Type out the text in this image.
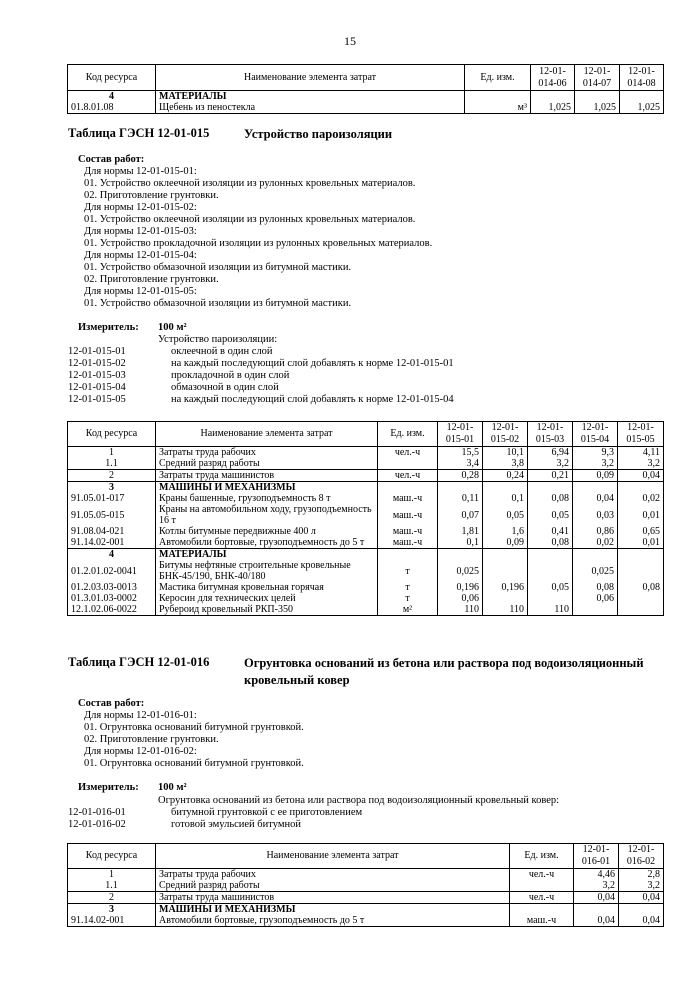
15
Код ресурса	Наименование элемента затрат	Ед. изм.	12-01-014-06	12-01-014-07	12-01-014-08
4	МАТЕРИАЛЫ				
01.8.01.08	Щебень из пеностекла	м³	1,025	1,025	1,025
Таблица ГЭСН 12-01-015	Устройство пароизоляции
Состав работ:
Для нормы 12-01-015-01:
01. Устройство оклеечной изоляции из рулонных кровельных материалов.
02. Приготовление грунтовки.
Для нормы 12-01-015-02:
01. Устройство оклеечной изоляции из рулонных кровельных материалов.
Для нормы 12-01-015-03:
01. Устройство прокладочной изоляции из рулонных кровельных материалов.
Для нормы 12-01-015-04:
01. Устройство обмазочной изоляции из битумной мастики.
02. Приготовление грунтовки.
Для нормы 12-01-015-05:
01. Устройство обмазочной изоляции из битумной мастики.
Измеритель: 100 м²
Устройство пароизоляции:
12-01-015-01	оклеечной в один слой
12-01-015-02	на каждый последующий слой добавлять к норме 12-01-015-01
12-01-015-03	прокладочной в один слой
12-01-015-04	обмазочной в один слой
12-01-015-05	на каждый последующий слой добавлять к норме 12-01-015-04
Код ресурса	Наименование элемента затрат	Ед. изм.	12-01-015-01	12-01-015-02	12-01-015-03	12-01-015-04	12-01-015-05
1	Затраты труда рабочих	чел.-ч	15,5	10,1	6,94	9,3	4,11
1.1	Средний разряд работы		3,4	3,8	3,2	3,2	3,2
2	Затраты труда машинистов	чел.-ч	0,28	0,24	0,21	0,09	0,04
3	МАШИНЫ И МЕХАНИЗМЫ						
91.05.01-017	Краны башенные, грузоподъемность 8 т	маш.-ч	0,11	0,1	0,08	0,04	0,02
91.05.05-015	Краны на автомобильном ходу, грузоподъемность 16 т	маш.-ч	0,07	0,05	0,05	0,03	0,01
91.08.04-021	Котлы битумные передвижные 400 л	маш.-ч	1,81	1,6	0,41	0,86	0,65
91.14.02-001	Автомобили бортовые, грузоподъемность до 5 т	маш.-ч	0,1	0,09	0,08	0,02	0,01
4	МАТЕРИАЛЫ						
01.2.01.02-0041	Битумы нефтяные строительные кровельные БНК-45/190, БНК-40/180	т	0,025			0,025	
01.2.03.03-0013	Мастика битумная кровельная горячая	т	0,196	0,196	0,05	0,08	0,08
01.3.01.03-0002	Керосин для технических целей	т	0,06			0,06	
12.1.02.06-0022	Рубероид кровельный РКП-350	м²	110	110	110		
Таблица ГЭСН 12-01-016	Огрунтовка оснований из бетона или раствора под водоизоляционный кровельный ковер
Состав работ:
Для нормы 12-01-016-01:
01. Огрунтовка оснований битумной грунтовкой.
02. Приготовление грунтовки.
Для нормы 12-01-016-02:
01. Огрунтовка оснований битумной грунтовкой.
Измеритель: 100 м²
Огрунтовка оснований из бетона или раствора под водоизоляционный кровельный ковер:
12-01-016-01	битумной грунтовкой с ее приготовлением
12-01-016-02	готовой эмульсией битумной
Код ресурса	Наименование элемента затрат	Ед. изм.	12-01-016-01	12-01-016-02
1	Затраты труда рабочих	чел.-ч	4,46	2,8
1.1	Средний разряд работы		3,2	3,2
2	Затраты труда машинистов	чел.-ч	0,04	0,04
3	МАШИНЫ И МЕХАНИЗМЫ			
91.14.02-001	Автомобили бортовые, грузоподъемность до 5 т	маш.-ч	0,04	0,04
